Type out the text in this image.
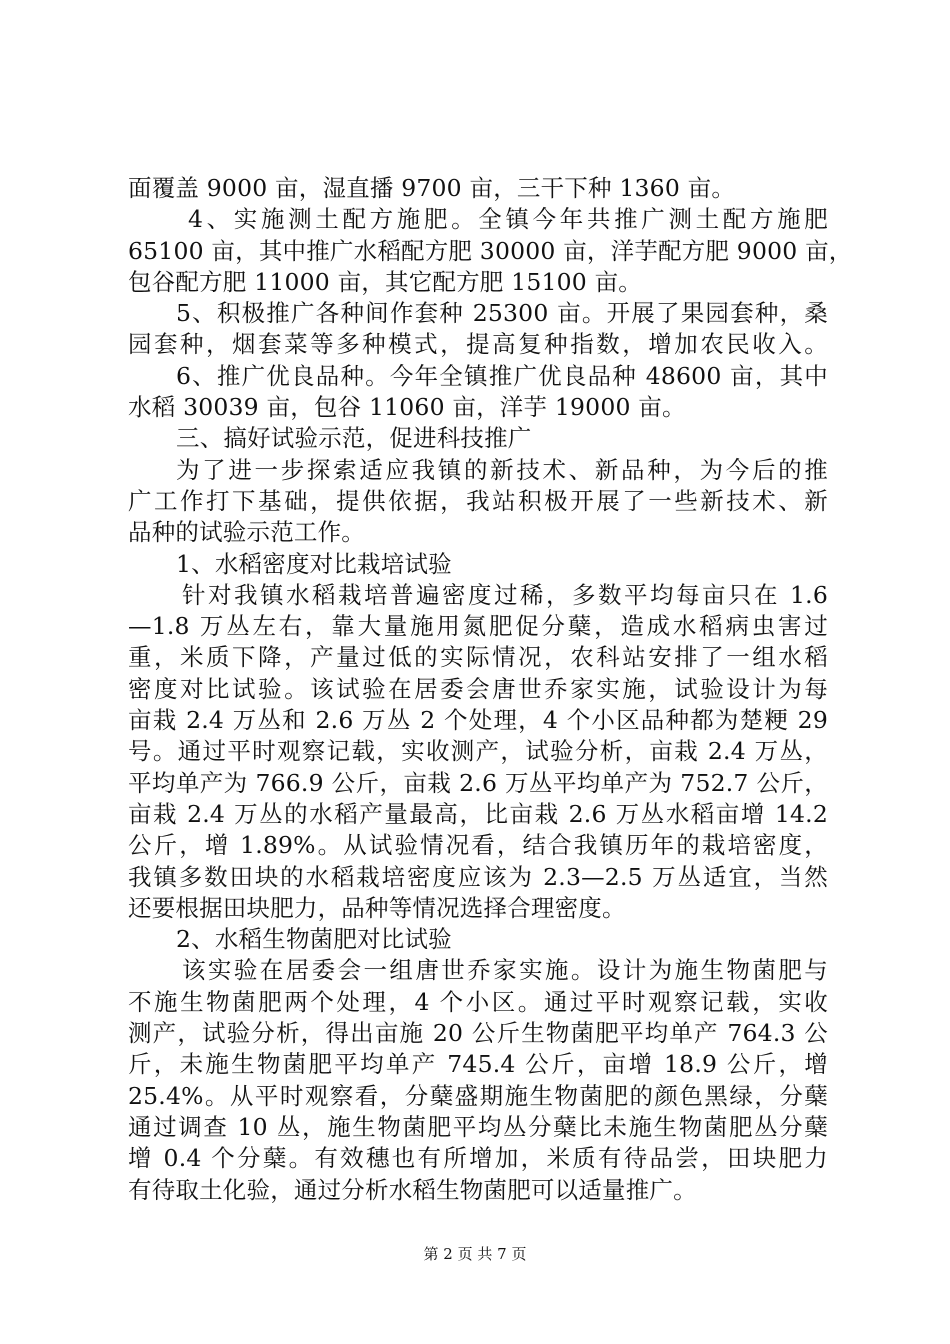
面覆盖 9000 亩，湿直播 9700 亩，三干下种 1360 亩。
4、实施测土配方施肥。全镇今年共推广测土配方施肥
65100 亩，其中推广水稻配方肥 30000 亩，洋芋配方肥 9000 亩，
包谷配方肥 11000 亩，其它配方肥 15100 亩。
5、积极推广各种间作套种 25300 亩。开展了果园套种，桑
园套种，烟套菜等多种模式，提高复种指数，增加农民收入。
6、推广优良品种。今年全镇推广优良品种 48600 亩，其中
水稻 30039 亩，包谷 11060 亩，洋芋 19000 亩。
三、搞好试验示范，促进科技推广
为了进一步探索适应我镇的新技术、新品种，为今后的推
广工作打下基础，提供依据，我站积极开展了一些新技术、新
品种的试验示范工作。
1、水稻密度对比栽培试验
针对我镇水稻栽培普遍密度过稀，多数平均每亩只在 1.6
—1.8 万丛左右，靠大量施用氮肥促分蘖，造成水稻病虫害过
重，米质下降，产量过低的实际情况，农科站安排了一组水稻
密度对比试验。该试验在居委会唐世乔家实施，试验设计为每
亩栽 2.4 万丛和 2.6 万丛 2 个处理，4 个小区品种都为楚粳 29
号。通过平时观察记载，实收测产，试验分析，亩栽 2.4 万丛，
平均单产为 766.9 公斤，亩栽 2.6 万丛平均单产为 752.7 公斤，
亩栽 2.4 万丛的水稻产量最高，比亩栽 2.6 万丛水稻亩增 14.2
公斤，增 1.89%。从试验情况看，结合我镇历年的栽培密度，
我镇多数田块的水稻栽培密度应该为 2.3—2.5 万丛适宜，当然
还要根据田块肥力，品种等情况选择合理密度。
2、水稻生物菌肥对比试验
该实验在居委会一组唐世乔家实施。设计为施生物菌肥与
不施生物菌肥两个处理，4 个小区。通过平时观察记载，实收
测产，试验分析，得出亩施 20 公斤生物菌肥平均单产 764.3 公
斤，未施生物菌肥平均单产 745.4 公斤，亩增 18.9 公斤，增
25.4%。从平时观察看，分蘖盛期施生物菌肥的颜色黑绿，分蘖
通过调查 10 丛，施生物菌肥平均丛分蘖比未施生物菌肥丛分蘖
增 0.4 个分蘖。有效穗也有所增加，米质有待品尝，田块肥力
有待取土化验，通过分析水稻生物菌肥可以适量推广。
第 2 页 共 7 页
